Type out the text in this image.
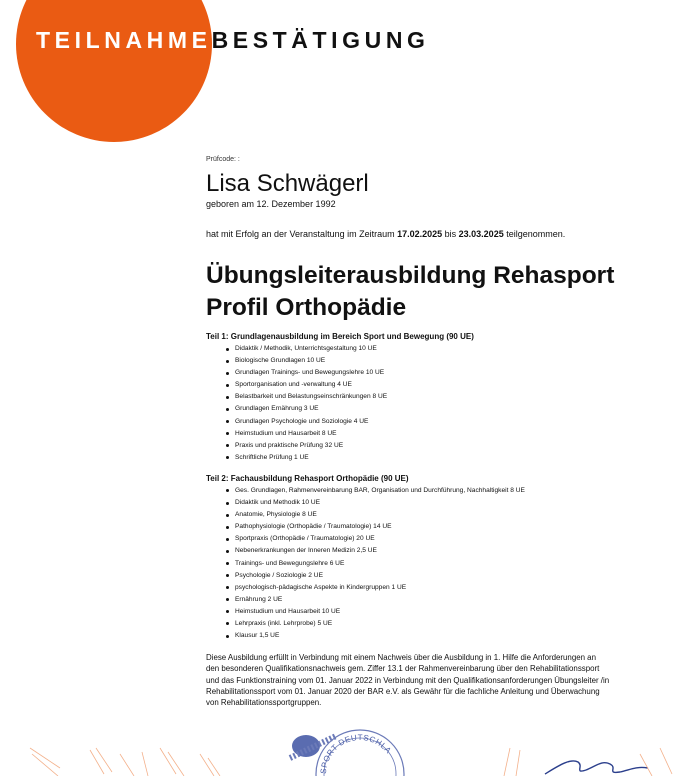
TEILNAHMEBESTÄTIGUNG
Prüfcode: :
Lisa Schwägerl
geboren am 12. Dezember 1992
hat mit Erfolg an der Veranstaltung im Zeitraum 17.02.2025 bis 23.03.2025 teilgenommen.
Übungsleiterausbildung Rehasport
Profil Orthopädie
Teil 1: Grundlagenausbildung im Bereich Sport und Bewegung (90 UE)
Didaktik / Methodik, Unterrichtsgestaltung 10 UE
Biologische Grundlagen 10 UE
Grundlagen Trainings- und Bewegungslehre 10 UE
Sportorganisation und -verwaltung 4 UE
Belastbarkeit und Belastungseinschränkungen 8 UE
Grundlagen Ernährung 3 UE
Grundlagen Psychologie und Soziologie 4 UE
Heimstudium und Hausarbeit 8 UE
Praxis und praktische Prüfung 32 UE
Schriftliche Prüfung 1 UE
Teil 2: Fachausbildung Rehasport Orthopädie (90 UE)
Ges. Grundlagen, Rahmenvereinbarung BAR, Organisation und Durchführung, Nachhaltigkeit 8 UE
Didaktik und Methodik 10 UE
Anatomie, Physiologie 8 UE
Pathophysiologie (Orthopädie / Traumatologie) 14 UE
Sportpraxis (Orthopädie / Traumatologie) 20 UE
Nebenerkrankungen der Inneren Medizin 2,5 UE
Trainings- und Bewegungslehre 6 UE
Psychologie / Soziologie 2 UE
psychologisch-pädagische Aspekte in Kindergruppen 1 UE
Ernährung 2 UE
Heimstudium und Hausarbeit 10 UE
Lehrpraxis (inkl. Lehrprobe) 5 UE
Klausur 1,5 UE
Diese Ausbildung erfüllt in Verbindung mit einem Nachweis über die Ausbildung in 1. Hilfe die Anforderungen an
den besonderen Qualifikationsnachweis gem. Ziffer 13.1 der Rahmenvereinbarung über den Rehabilitationssport
und das Funktionstraining vom 01. Januar 2022 in Verbindung mit den Qualifikationsanforderungen Übungsleiter /in
Rehabilitationssport vom 01. Januar 2020 der BAR e.V. als Gewähr für die fachliche Anleitung und Überwachung
von Rehabilitationssportgruppen.
SPORT DEUTSCHLA
